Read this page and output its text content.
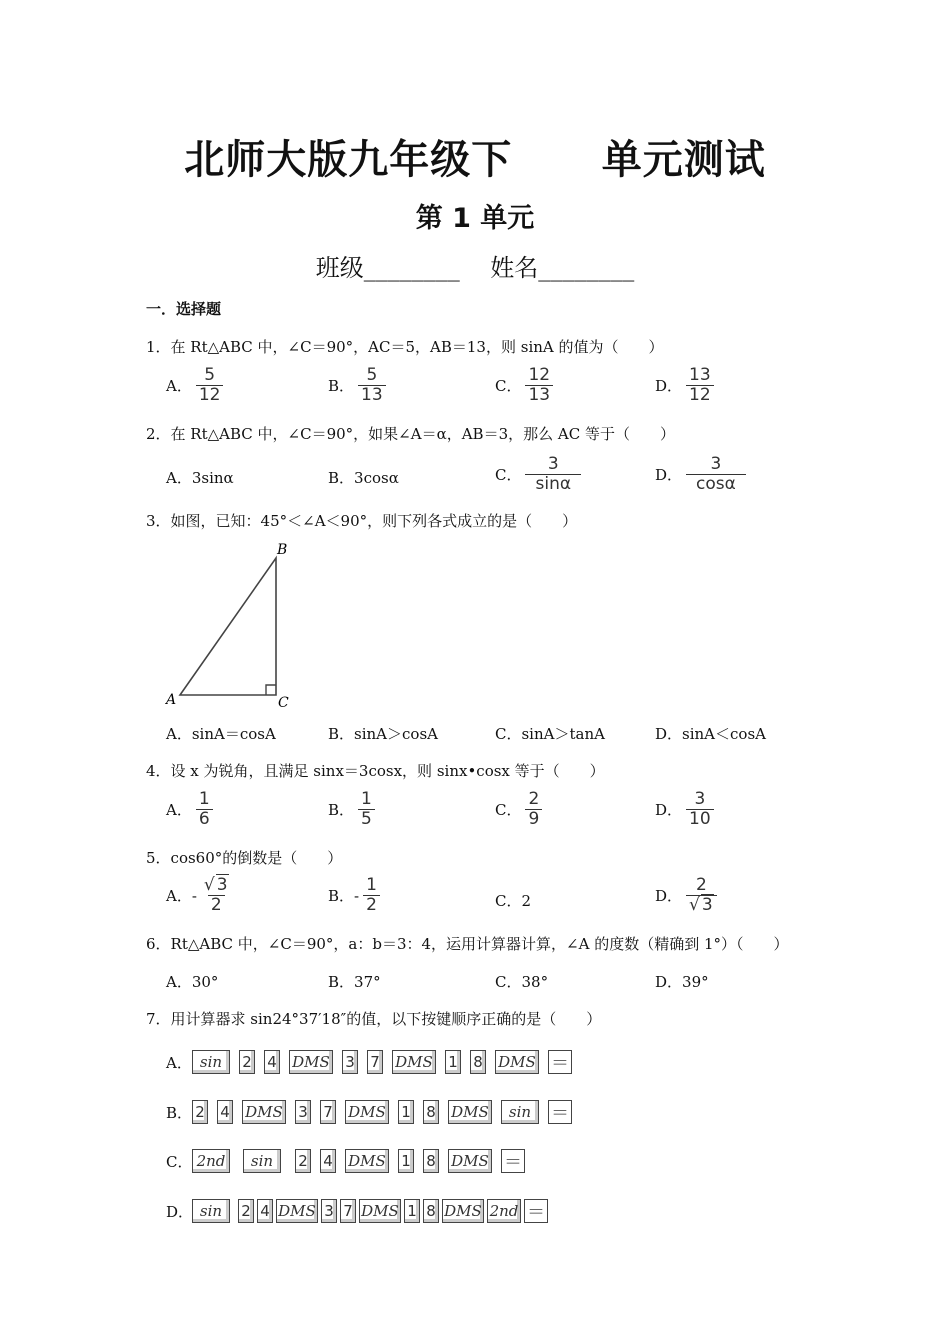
北师大版九年级下      单元测试
第 1 单元
班级________    姓名________
一．选择题
1．在 Rt△ABC 中，∠C＝90°，AC＝5，AB＝13，则 sinA 的值为（　　）
A． $\frac{5}{12}$	B． $\frac{5}{13}$	C． $\frac{12}{13}$	D． $\frac{13}{12}$
2．在 Rt△ABC 中，∠C＝90°，如果∠A＝α，AB＝3，那么 AC 等于（　　）
A． 3sinα	B． 3cosα	C． $\frac{3}{\sin\alpha}$	D． $\frac{3}{\cos\alpha}$
3．如图，已知：45°＜∠A＜90°，则下列各式成立的是（　　）
B
A	C
A． sinA＝cosA	B． sinA＞cosA	C． sinA＞tanA	D． sinA＜cosA
4．设 x 为锐角，且满足 sinx＝3cosx，则 sinx•cosx 等于（　　）
A． $\frac{1}{6}$	B． $\frac{1}{5}$	C． $\frac{2}{9}$	D． $\frac{3}{10}$
5．cos60°的倒数是（　　）
A． - $\frac{√ 3}{2}$	B． - $\frac{1}{2}$	C． 2	D． $\frac{2}{√ 3}$
6．Rt△ABC 中，∠C＝90°，a：b＝3：4，运用计算器计算，∠A 的度数（精确到 1°）（　　）
A． 30°	B． 37°	C． 38°	D． 39°
7．用计算器求 sin24°37′18″的值，以下按键顺序正确的是（　　）
A． sin	2 4 DMS 3 7 DMS 1 8 DMS ＝
B． 2 4 DMS 3 7 DMS 1 8 DMS	sin	＝
C． 2nd	sin	2 4 DMS 1 8 DMS ＝
D． sin	2 4 DMS 3 7 DMS 1 8 DMS 2nd ＝
